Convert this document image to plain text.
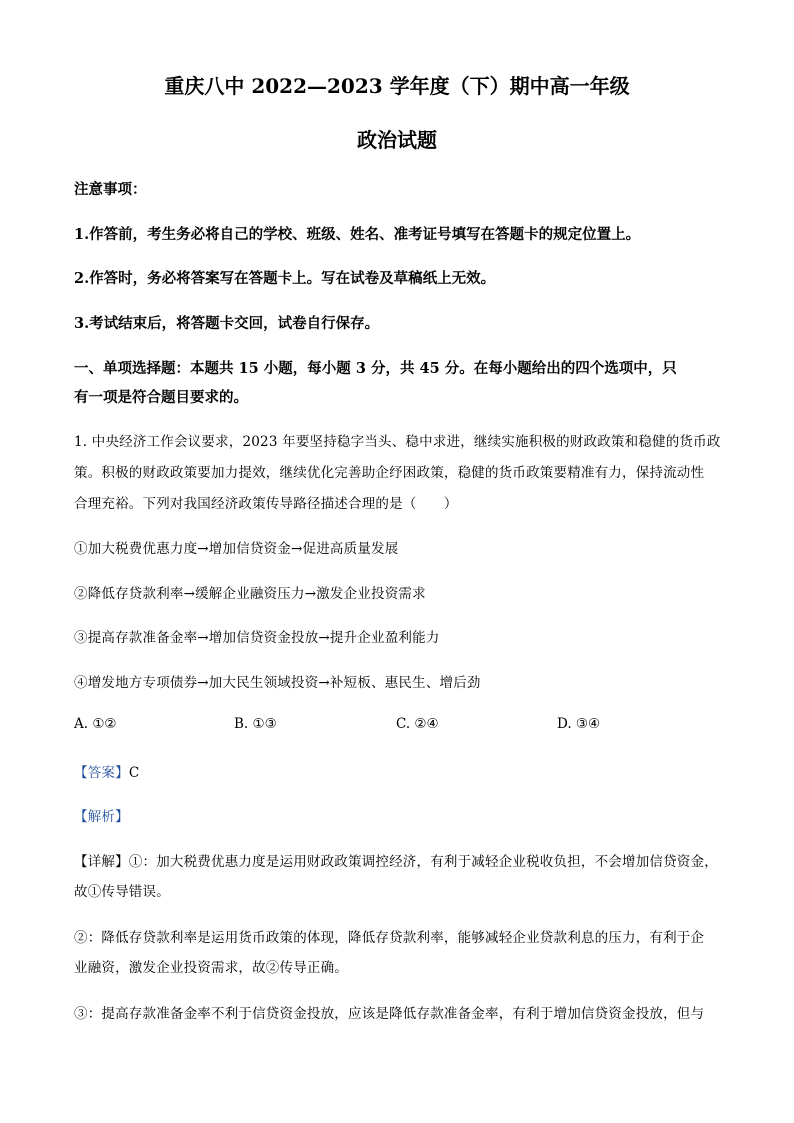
重庆八中 2022—2023 学年度（下）期中高一年级
政治试题
注意事项：
1.作答前，考生务必将自己的学校、班级、姓名、准考证号填写在答题卡的规定位置上。
2.作答时，务必将答案写在答题卡上。写在试卷及草稿纸上无效。
3.考试结束后，将答题卡交回，试卷自行保存。
一、单项选择题：本题共 15 小题，每小题 3 分，共 45 分。在每小题给出的四个选项中，只
有一项是符合题目要求的。
1. 中央经济工作会议要求，2023 年要坚持稳字当头、稳中求进，继续实施积极的财政政策和稳健的货币政
策。积极的财政政策要加力提效，继续优化完善助企纾困政策，稳健的货币政策要精准有力，保持流动性
合理充裕。下列对我国经济政策传导路径描述合理的是（　　）
①加大税费优惠力度→增加信贷资金→促进高质量发展
②降低存贷款利率→缓解企业融资压力→激发企业投资需求
③提高存款准备金率→增加信贷资金投放→提升企业盈利能力
④增发地方专项债券→加大民生领域投资→补短板、惠民生、增后劲
A. ①②	B. ①③	C. ②④	D. ③④
【答案】C
【解析】
【详解】①：加大税费优惠力度是运用财政政策调控经济，有利于减轻企业税收负担，不会增加信贷资金，
故①传导错误。
②：降低存贷款利率是运用货币政策的体现，降低存贷款利率，能够减轻企业贷款利息的压力，有利于企
业融资，激发企业投资需求，故②传导正确。
③：提高存款准备金率不利于信贷资金投放，应该是降低存款准备金率，有利于增加信贷资金投放，但与
